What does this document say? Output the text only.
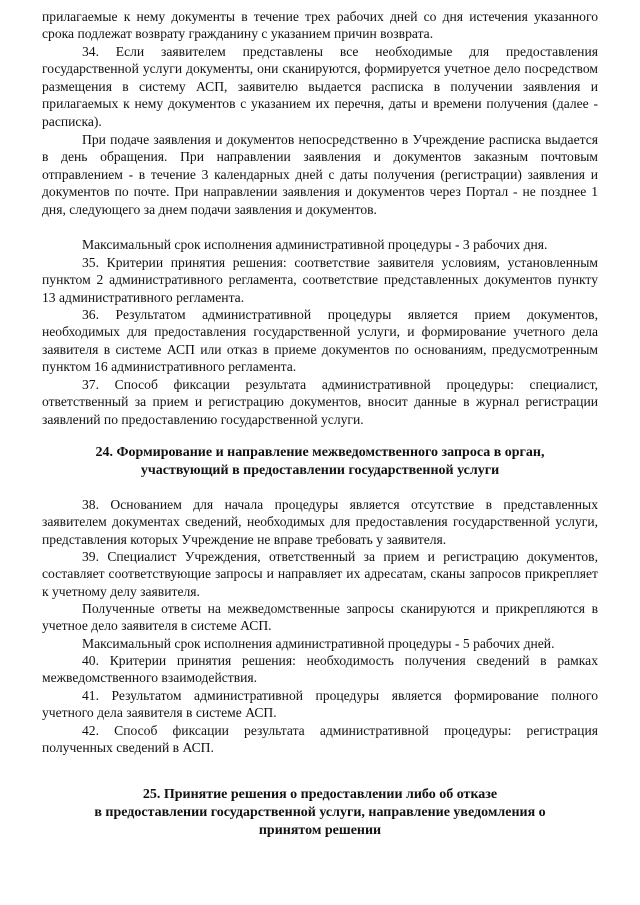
прилагаемые к нему документы в течение трех рабочих дней со дня истечения указанного срока подлежат возврату гражданину с указанием причин возврата.

34. Если заявителем представлены все необходимые для предоставления государственной услуги документы, они сканируются, формируется учетное дело посредством размещения в систему АСП, заявителю выдается расписка в получении заявления и прилагаемых к нему документов с указанием их перечня, даты и времени получения (далее - расписка).

При подаче заявления и документов непосредственно в Учреждение расписка выдается в день обращения. При направлении заявления и документов заказным почтовым отправлением - в течение 3 календарных дней с даты получения (регистрации) заявления и документов по почте. При направлении заявления и документов через Портал - не позднее 1 дня, следующего за днем подачи заявления и документов.

Максимальный срок исполнения административной процедуры - 3 рабочих дня.

35. Критерии принятия решения: соответствие заявителя условиям, установленным пунктом 2 административного регламента, соответствие представленных документов пункту 13 административного регламента.

36. Результатом административной процедуры является прием документов, необходимых для предоставления государственной услуги, и формирование учетного дела заявителя в системе АСП или отказ в приеме документов по основаниям, предусмотренным пунктом 16 административного регламента.

37. Способ фиксации результата административной процедуры: специалист, ответственный за прием и регистрацию документов, вносит данные в журнал регистрации заявлений по предоставлению государственной услуги.

24. Формирование и направление межведомственного запроса в орган,
участвующий в предоставлении государственной услуги

38. Основанием для начала процедуры является отсутствие в представленных заявителем документах сведений, необходимых для предоставления государственной услуги, представления которых Учреждение не вправе требовать у заявителя.

39. Специалист Учреждения, ответственный за прием и регистрацию документов, составляет соответствующие запросы и направляет их адресатам, сканы запросов прикрепляет к учетному делу заявителя.

Полученные ответы на межведомственные запросы сканируются и прикрепляются в учетное дело заявителя в системе АСП.

Максимальный срок исполнения административной процедуры - 5 рабочих дней.

40. Критерии принятия решения: необходимость получения сведений в рамках межведомственного взаимодействия.

41. Результатом административной процедуры является формирование полного учетного дела заявителя в системе АСП.

42. Способ фиксации результата административной процедуры: регистрация полученных сведений в АСП.

25. Принятие решения о предоставлении либо об отказе
в предоставлении государственной услуги, направление уведомления о
принятом решении
